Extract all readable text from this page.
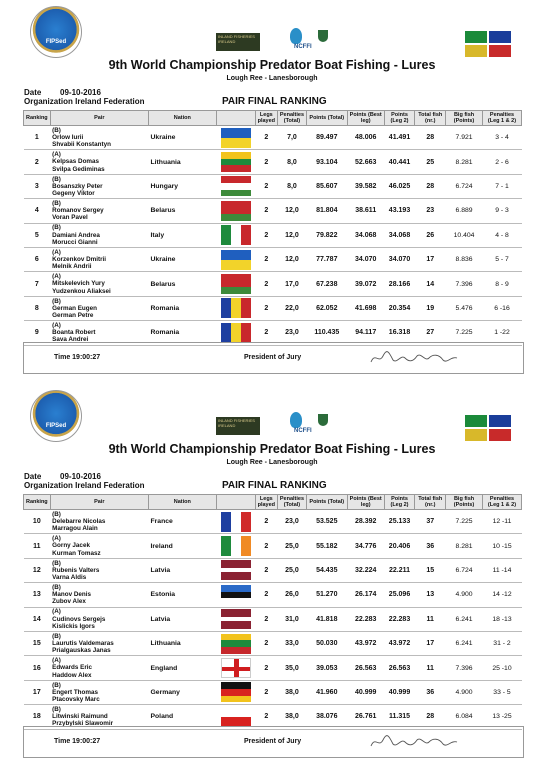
FIPSed
INLAND FISHERIES IRELAND
NCFFI
9th World Championship Predator Boat Fishing - Lures
Lough Ree - Lanesborough
Date 09-10-2016
Organization Ireland Federation	PAIR FINAL RANKING
Ranking	Pair	Nation		Legs played	Penalties (Total)	Points (Total)	Points (Best leg)	Points (Leg 2)	Total fish (nr.)	Big fish (Points)	Penalties (Leg 1 & 2)
1	(B)
Orlow Iurii
Shvabii Konstantyn	Ukraine		2	7,0	89.497	48.006	41.491	28	7.921	3 - 4
2	(A)
Kelpsas Domas
Svilpa Gediminas	Lithuania		2	8,0	93.104	52.663	40.441	25	8.281	2 - 6
3	(B)
Bosanszky Peter
Gegeny Viktor	Hungary		2	8,0	85.607	39.582	46.025	28	6.724	7 - 1
4	(B)
Romanov Sergey
Voran Pavel	Belarus		2	12,0	81.804	38.611	43.193	23	6.889	9 - 3
5	(B)
Damiani Andrea
Morucci Gianni	Italy		2	12,0	79.822	34.068	34.068	26	10.404	4 - 8
6	(A)
Korzenkov Dmitrii
Melnik Andrii	Ukraine		2	12,0	77.787	34.070	34.070	17	8.836	5 - 7
7	(A)
Mitskelevich Yury
Yudzenkou Aliaksei	Belarus		2	17,0	67.238	39.072	28.166	14	7.396	8 - 9
8	(B)
German Eugen
German Petre	Romania		2	22,0	62.052	41.698	20.354	19	5.476	6 -16
9	(A)
Boanta Robert
Sava Andrei	Romania		2	23,0	110.435	94.117	16.318	27	7.225	1 -22
Time 19:00:27	President of Jury
FIPSed
INLAND FISHERIES IRELAND
NCFFI
9th World Championship Predator Boat Fishing - Lures
Lough Ree - Lanesborough
Date 09-10-2016
Organization Ireland Federation	PAIR FINAL RANKING
Ranking	Pair	Nation		Legs played	Penalties (Total)	Points (Total)	Points (Best leg)	Points (Leg 2)	Total fish (nr.)	Big fish (Points)	Penalties (Leg 1 & 2)
10	(B)
Delebarre Nicolas
Marragou Alain	France		2	23,0	53.525	28.392	25.133	37	7.225	12 -11
11	(A)
Gorny Jacek
Kurman Tomasz	Ireland		2	25,0	55.182	34.776	20.406	36	8.281	10 -15
12	(B)
Rubenis Valters
Varna Aldis	Latvia		2	25,0	54.435	32.224	22.211	15	6.724	11 -14
13	(B)
Manov Denis
Zubov Alex	Estonia		2	26,0	51.270	26.174	25.096	13	4.900	14 -12
14	(A)
Cudinovs Sergejs
Kislickis Igors	Latvia		2	31,0	41.818	22.283	22.283	11	6.241	18 -13
15	(B)
Laurutis Valdemaras
Prialgauskas Janas	Lithuania		2	33,0	50.030	43.972	43.972	17	6.241	31 - 2
16	(A)
Edwards Eric
Haddow Alex	England		2	35,0	39.053	26.563	26.563	11	7.396	25 -10
17	(B)
Engert Thomas
Ptacovsky Marc	Germany		2	38,0	41.960	40.999	40.999	36	4.900	33 - 5
18	(B)
Litwinski Raimund
Przybylski Slawomir	Poland		2	38,0	38.076	26.761	11.315	28	6.084	13 -25
Time 19:00:27	President of Jury
